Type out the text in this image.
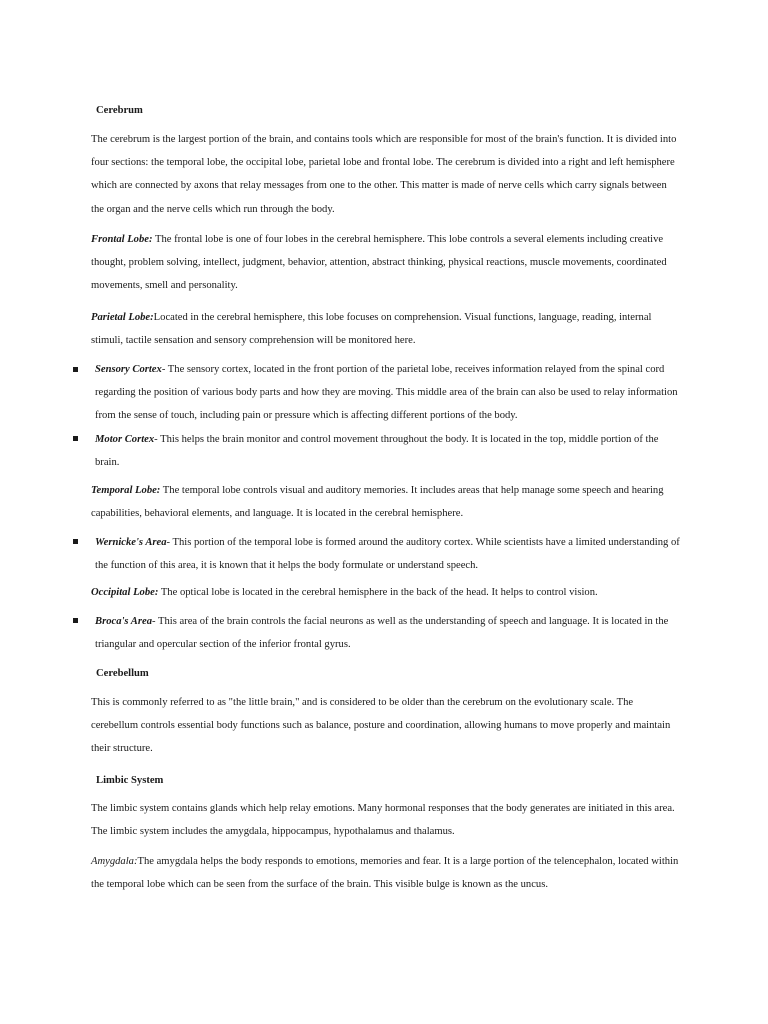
Cerebrum

The cerebrum is the largest portion of the brain, and contains tools which are responsible for most of the brain's function. It is divided into four sections: the temporal lobe, the occipital lobe, parietal lobe and frontal lobe. The cerebrum is divided into a right and left hemisphere which are connected by axons that relay messages from one to the other. This matter is made of nerve cells which carry signals between the organ and the nerve cells which run through the body.

Frontal Lobe: The frontal lobe is one of four lobes in the cerebral hemisphere. This lobe controls a several elements including creative thought, problem solving, intellect, judgment, behavior, attention, abstract thinking, physical reactions, muscle movements, coordinated movements, smell and personality.

Parietal Lobe:Located in the cerebral hemisphere, this lobe focuses on comprehension. Visual functions, language, reading, internal stimuli, tactile sensation and sensory comprehension will be monitored here.

Sensory Cortex- The sensory cortex, located in the front portion of the parietal lobe, receives information relayed from the spinal cord regarding the position of various body parts and how they are moving. This middle area of the brain can also be used to relay information from the sense of touch, including pain or pressure which is affecting different portions of the body.

Motor Cortex- This helps the brain monitor and control movement throughout the body. It is located in the top, middle portion of the brain.

Temporal Lobe: The temporal lobe controls visual and auditory memories. It includes areas that help manage some speech and hearing capabilities, behavioral elements, and language. It is located in the cerebral hemisphere.

Wernicke's Area- This portion of the temporal lobe is formed around the auditory cortex. While scientists have a limited understanding of the function of this area, it is known that it helps the body formulate or understand speech.

Occipital Lobe: The optical lobe is located in the cerebral hemisphere in the back of the head. It helps to control vision.

Broca's Area- This area of the brain controls the facial neurons as well as the understanding of speech and language. It is located in the triangular and opercular section of the inferior frontal gyrus.

Cerebellum

This is commonly referred to as "the little brain," and is considered to be older than the cerebrum on the evolutionary scale. The cerebellum controls essential body functions such as balance, posture and coordination, allowing humans to move properly and maintain their structure.

Limbic System

The limbic system contains glands which help relay emotions. Many hormonal responses that the body generates are initiated in this area. The limbic system includes the amygdala, hippocampus, hypothalamus and thalamus.

Amygdala:The amygdala helps the body responds to emotions, memories and fear. It is a large portion of the telencephalon, located within the temporal lobe which can be seen from the surface of the brain. This visible bulge is known as the uncus.
